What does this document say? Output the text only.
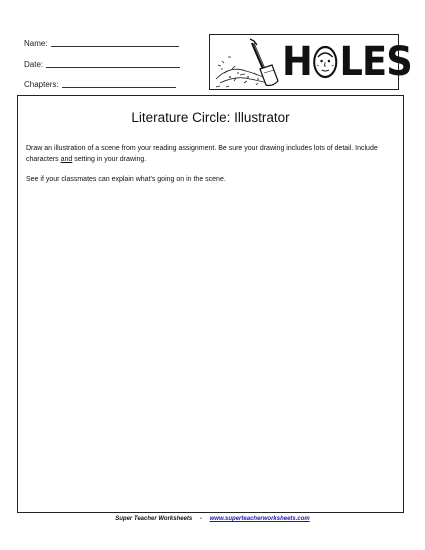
Name:
Date:
Chapters:	H LES
Literature Circle: Illustrator

Draw an illustration of a scene from your reading assignment. Be sure your drawing includes lots of detail. Include characters and setting in your drawing.

See if your classmates can explain what's going on in the scene.

Super Teacher Worksheets - www.superteacherworksheets.com
